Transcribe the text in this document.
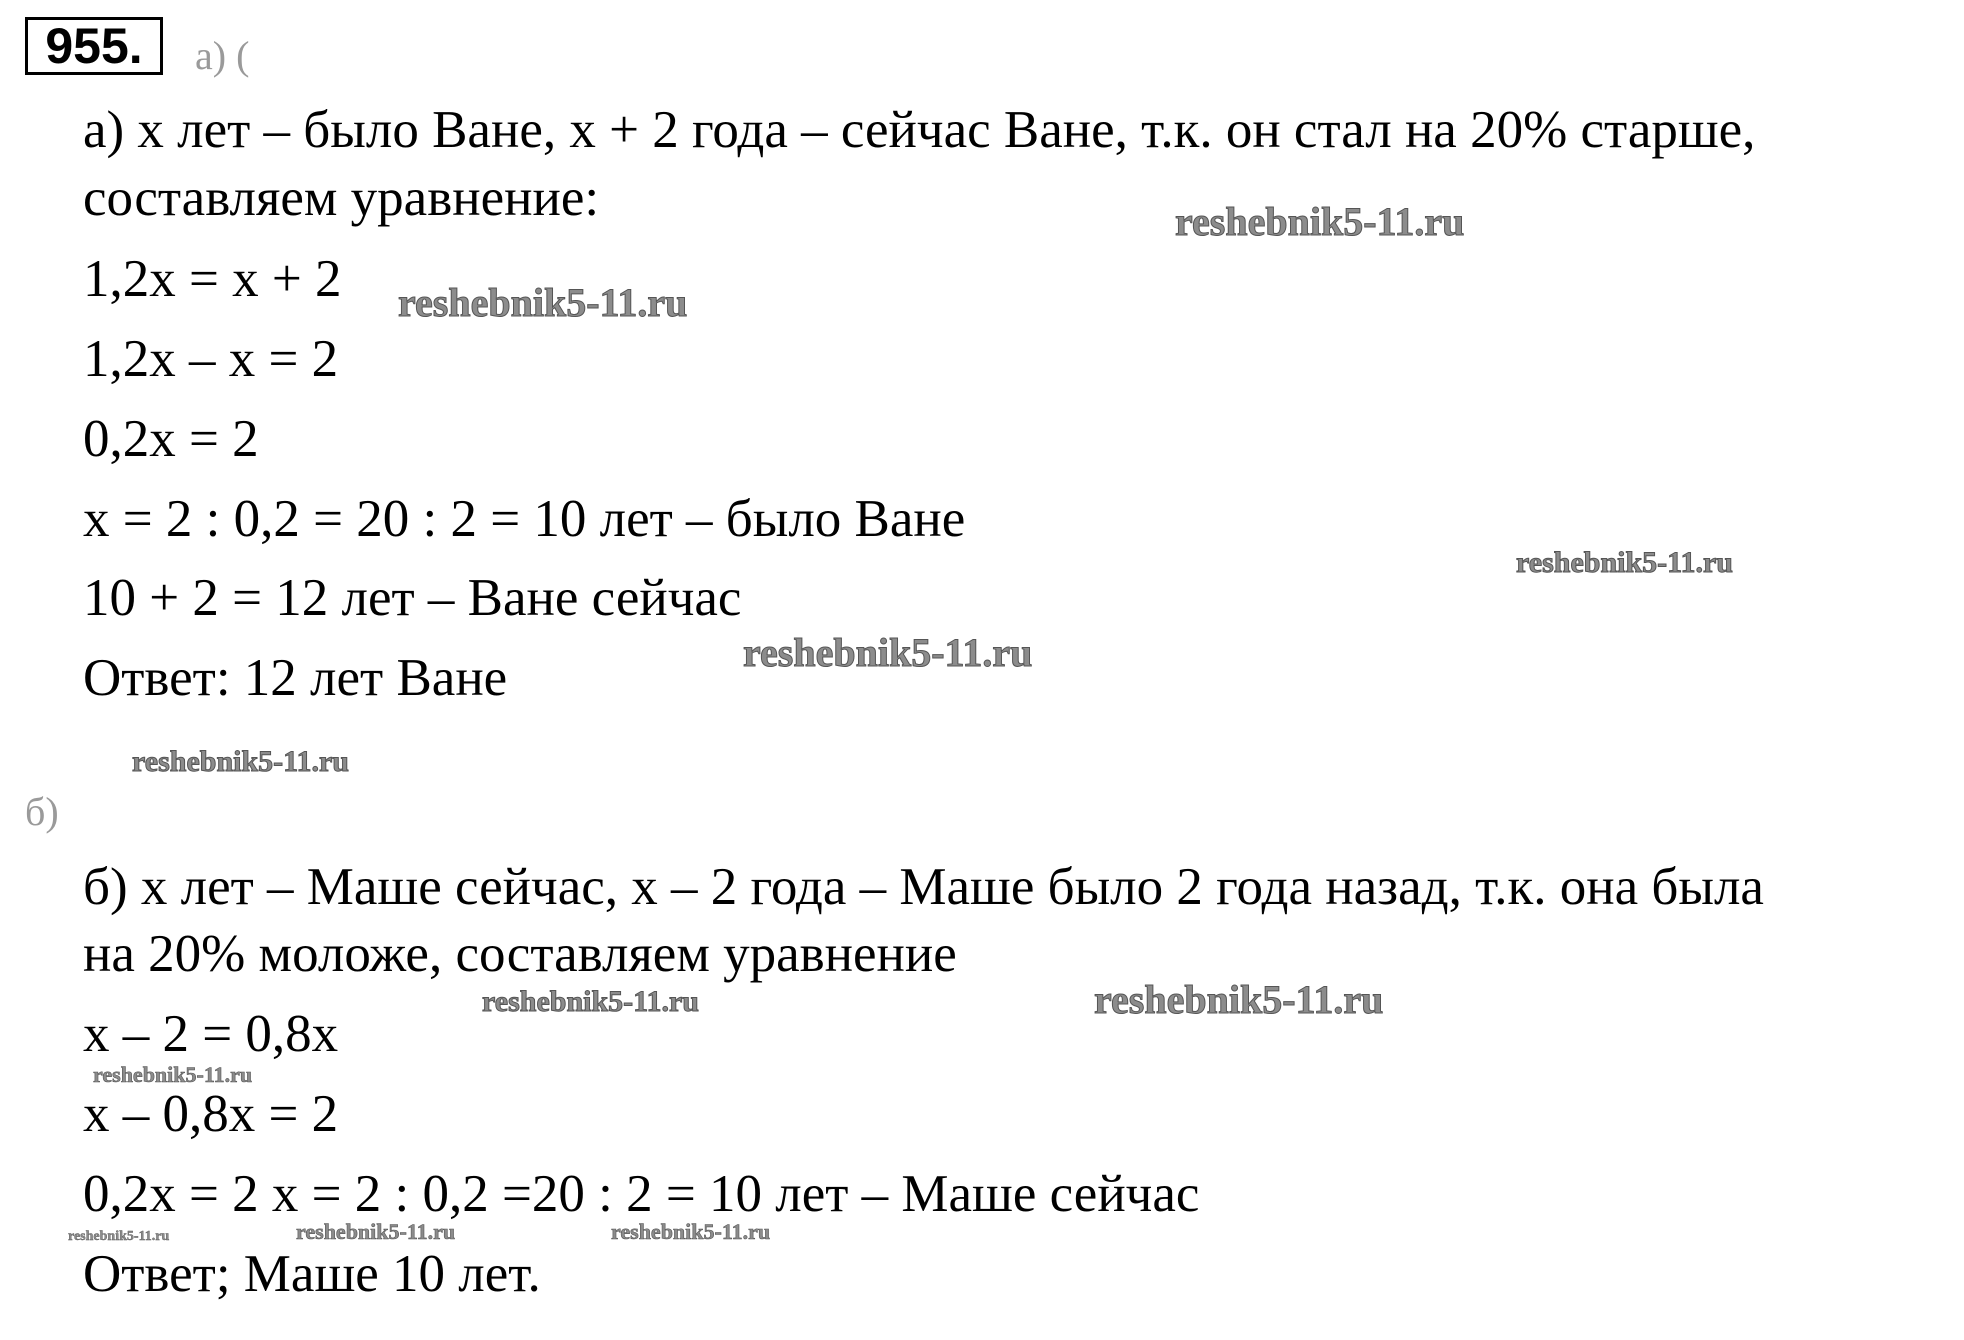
955.	а) (
а) х лет – было Ване, х + 2 года – сейчас Ване, т.к. он стал на 20% старше,
составляем уравнение:
1,2х = х + 2
1,2х – х = 2
0,2х = 2
х = 2 : 0,2 = 20 : 2 = 10 лет – было Ване
10 + 2 = 12 лет – Ване сейчас
Ответ: 12 лет Ване
б)
б) х лет – Маше сейчас, х – 2 года – Маше было 2 года назад, т.к. она была
на 20% моложе, составляем уравнение
х – 2 = 0,8х
х – 0,8х = 2
0,2х = 2 х = 2 : 0,2 =20 : 2 = 10 лет – Маше сейчас
Ответ; Маше 10 лет.
reshebnik5-11.ru
reshebnik5-11.ru
reshebnik5-11.ru
reshebnik5-11.ru
reshebnik5-11.ru
reshebnik5-11.ru
reshebnik5-11.ru
reshebnik5-11.ru
reshebnik5-11.ru	reshebnik5-11.ru	reshebnik5-11.ru
